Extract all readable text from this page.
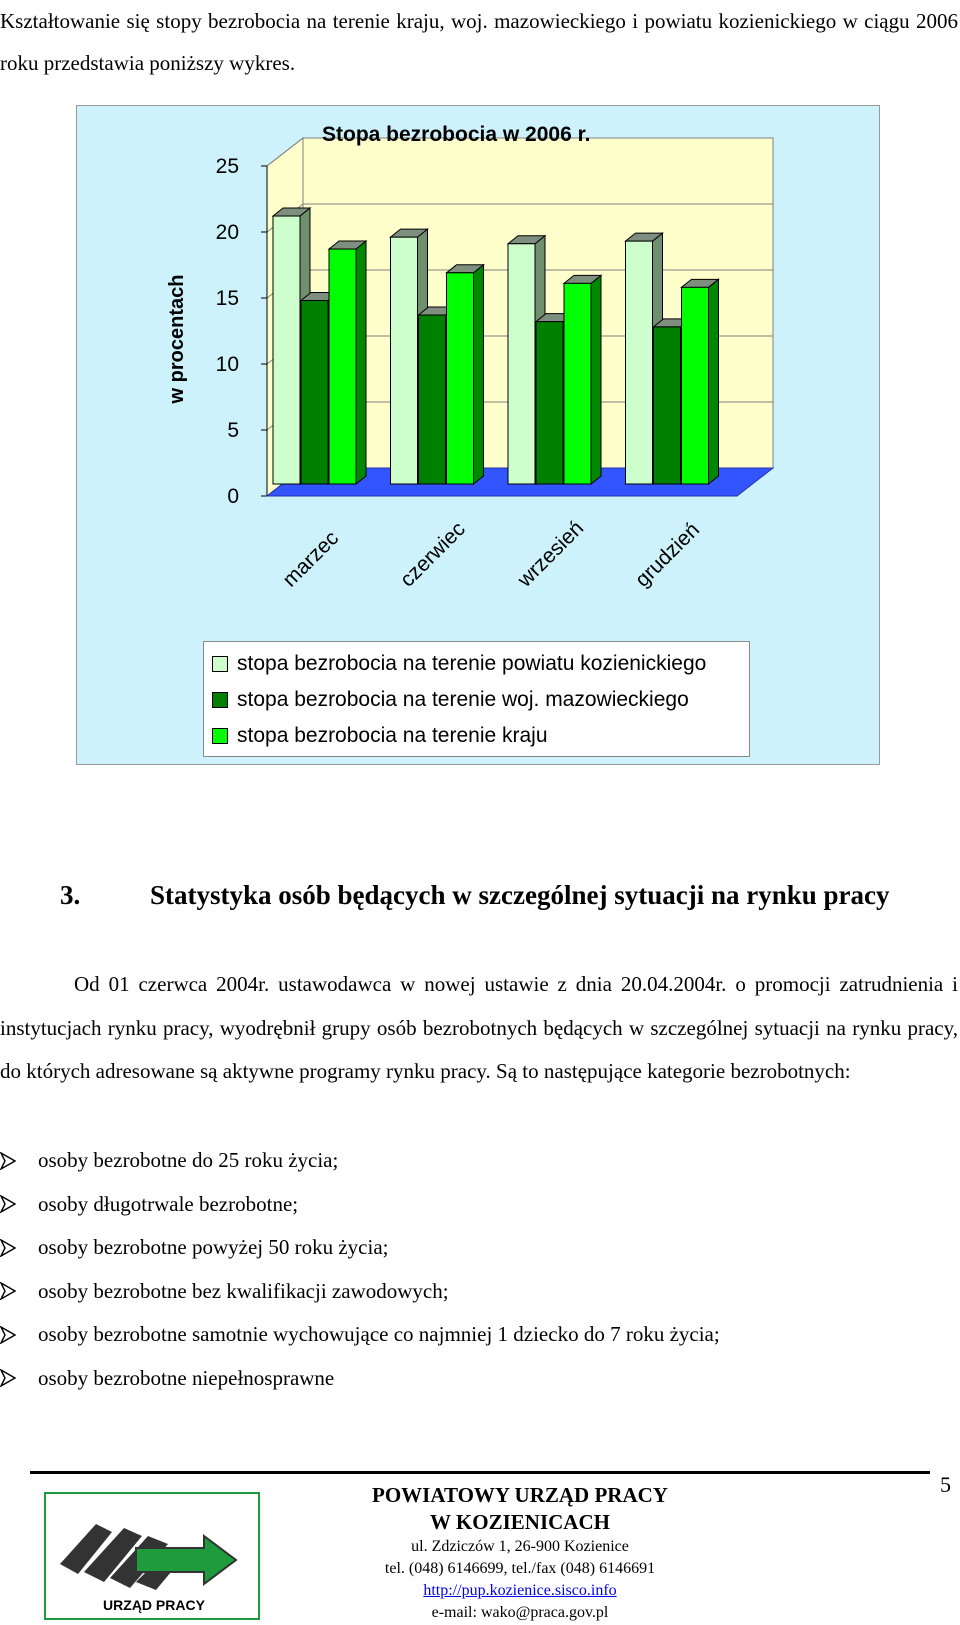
Kształtowanie się stopy bezrobocia na terenie kraju, woj. mazowieckiego i powiatu kozienickiego w ciągu 2006 roku przedstawia poniższy wykres.
0
5
10
15
20
25
marzec	czerwiec wrzesień grudzień
Stopa bezrobocia w 2006 r.
w procentach
stopa bezrobocia na terenie powiatu kozienickiego
stopa bezrobocia na terenie woj. mazowieckiego
stopa bezrobocia na terenie kraju
3.	Statystyka osób będących w szczególnej sytuacji na rynku pracy
Od 01 czerwca 2004r. ustawodawca w nowej ustawie z dnia 20.04.2004r. o promocji zatrudnienia i instytucjach rynku pracy, wyodrębnił grupy osób bezrobotnych będących w szczególnej sytuacji na rynku pracy, do których adresowane są aktywne programy rynku pracy. Są to następujące kategorie bezrobotnych:
osoby bezrobotne do 25 roku życia;
osoby długotrwale bezrobotne;
osoby bezrobotne powyżej 50 roku życia;
osoby bezrobotne bez kwalifikacji zawodowych;
osoby bezrobotne samotnie wychowujące co najmniej 1 dziecko do 7 roku życia;
osoby bezrobotne niepełnosprawne
5
URZĄD PRACY
POWIATOWY URZĄD PRACY
W KOZIENICACH
ul. Zdziczów 1, 26-900 Kozienice
tel. (048) 6146699, tel./fax (048) 6146691
http://pup.kozienice.sisco.info
e-mail: wako@praca.gov.pl
